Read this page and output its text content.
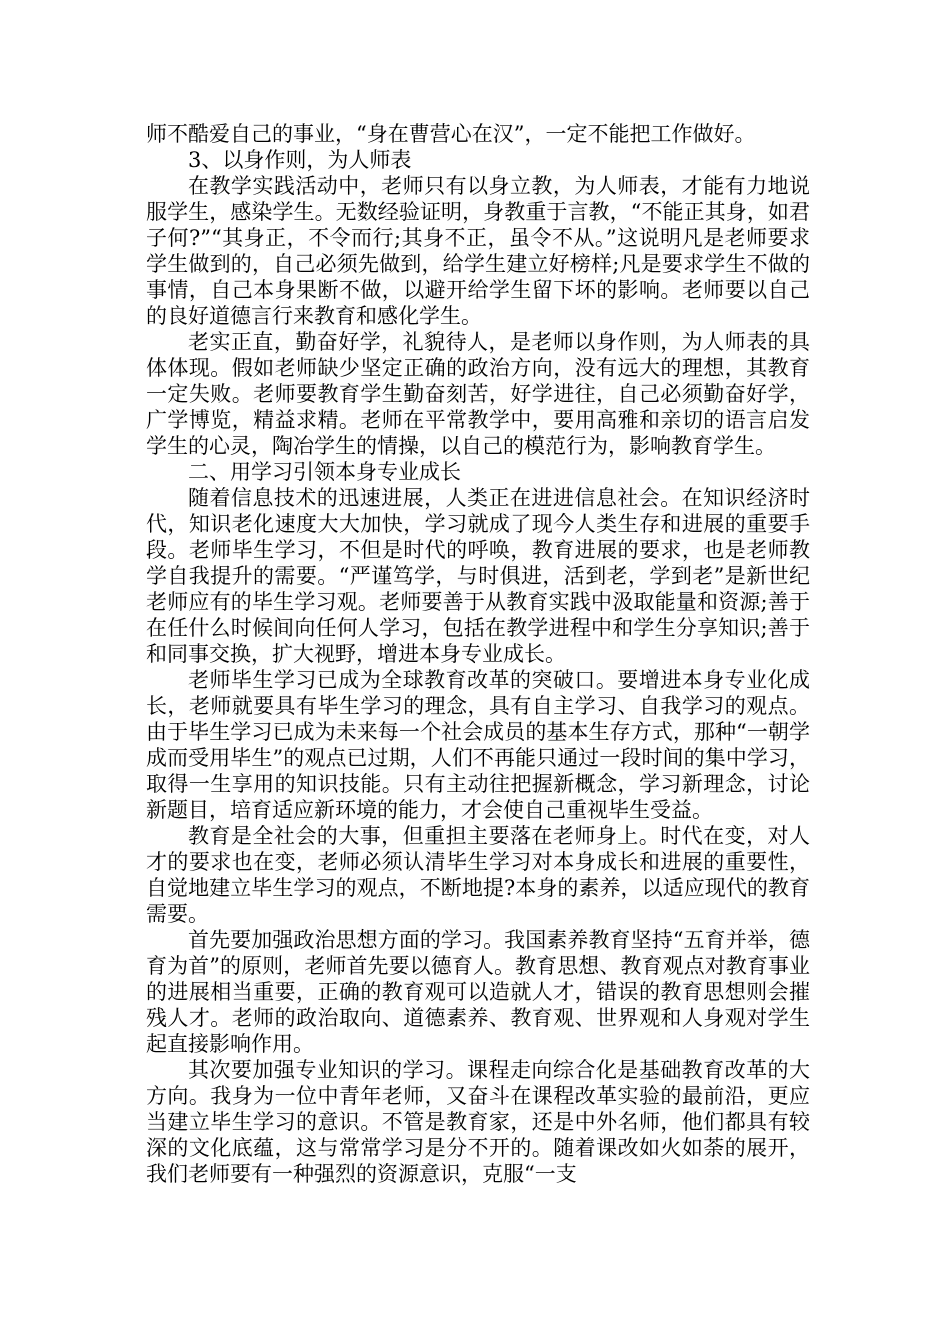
师不酷爱自己的事业，“身在曹营心在汉”，一定不能把工作做好。

3、以身作则，为人师表

在教学实践活动中，老师只有以身立教，为人师表，才能有力地说服学生，感染学生。无数经验证明，身教重于言教，“不能正其身，如君子何?”“其身正，不令而行;其身不正，虽令不从。”这说明凡是老师要求学生做到的，自己必须先做到，给学生建立好榜样;凡是要求学生不做的事情，自己本身果断不做，以避开给学生留下坏的影响。老师要以自己的良好道德言行来教育和感化学生。

老实正直，勤奋好学，礼貌待人，是老师以身作则，为人师表的具体体现。假如老师缺少坚定正确的政治方向，没有远大的理想，其教育一定失败。老师要教育学生勤奋刻苦，好学进往，自己必须勤奋好学，广学博览，精益求精。老师在平常教学中，要用高雅和亲切的语言启发学生的心灵，陶冶学生的情操，以自己的模范行为，影响教育学生。

二、用学习引领本身专业成长

随着信息技术的迅速进展，人类正在进进信息社会。在知识经济时代，知识老化速度大大加快，学习就成了现今人类生存和进展的重要手段。老师毕生学习，不但是时代的呼唤，教育进展的要求，也是老师教学自我提升的需要。“严谨笃学，与时俱进，活到老，学到老”是新世纪老师应有的毕生学习观。老师要善于从教育实践中汲取能量和资源;善于在任什么时候间向任何人学习，包括在教学进程中和学生分享知识;善于和同事交换，扩大视野，增进本身专业成长。

老师毕生学习已成为全球教育改革的突破口。要增进本身专业化成长，老师就要具有毕生学习的理念，具有自主学习、自我学习的观点。由于毕生学习已成为未来每一个社会成员的基本生存方式，那种“一朝学成而受用毕生”的观点已过期，人们不再能只通过一段时间的集中学习，取得一生享用的知识技能。只有主动往把握新概念，学习新理念，讨论新题目，培育适应新环境的能力，才会使自己重视毕生受益。

教育是全社会的大事，但重担主要落在老师身上。时代在变，对人才的要求也在变，老师必须认清毕生学习对本身成长和进展的重要性，自觉地建立毕生学习的观点，不断地提?本身的素养，以适应现代的教育需要。

首先要加强政治思想方面的学习。我国素养教育坚持“五育并举，德育为首”的原则，老师首先要以德育人。教育思想、教育观点对教育事业的进展相当重要，正确的教育观可以造就人才，错误的教育思想则会摧残人才。老师的政治取向、道德素养、教育观、世界观和人身观对学生起直接影响作用。

其次要加强专业知识的学习。课程走向综合化是基础教育改革的大方向。我身为一位中青年老师，又奋斗在课程改革实验的最前沿，更应当建立毕生学习的意识。不管是教育家，还是中外名师，他们都具有较深的文化底蕴，这与常常学习是分不开的。随着课改如火如荼的展开，我们老师要有一种强烈的资源意识，克服“一支
